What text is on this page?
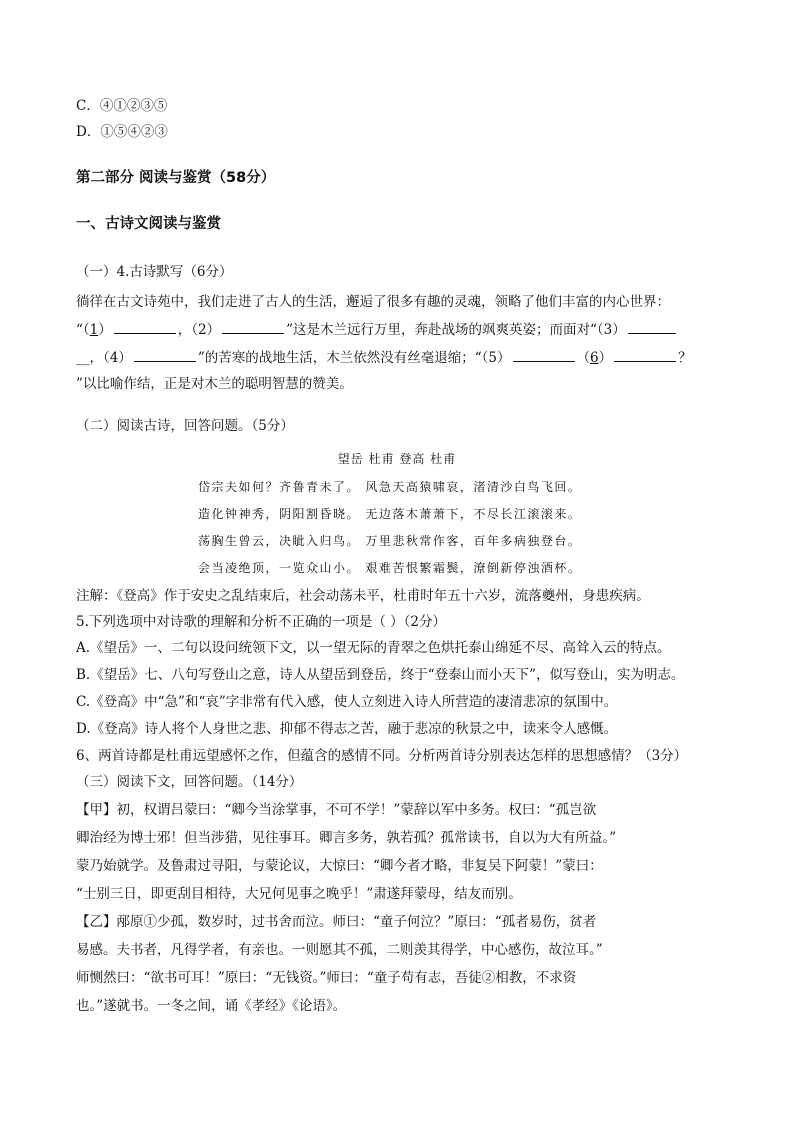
C．④①②③⑤
D．①⑤④②③
第二部分 阅读与鉴赏（58分）
一、古诗文阅读与鉴赏
（一）4.古诗默写（6分）
徜徉在古文诗苑中，我们走进了古人的生活，邂逅了很多有趣的灵魂，领略了他们丰富的内心世界：
“（1）	，（2）	”这是木兰远行万里，奔赴战场的飒爽英姿；而面对“（3）
__，（4）	”的苦寒的战地生活，木兰依然没有丝毫退缩；“（5）	（6）	？
”以比喻作结，正是对木兰的聪明智慧的赞美。
（二）阅读古诗，回答问题。（5分）
望岳 杜甫 登高 杜甫
岱宗夫如何？齐鲁青未了。 风急天高猿啸哀，渚清沙白鸟飞回。
造化钟神秀，阴阳割昏晓。 无边落木萧萧下，不尽长江滚滚来。
荡胸生曾云，决眦入归鸟。 万里悲秋常作客，百年多病独登台。
会当凌绝顶，一览众山小。 艰难苦恨繁霜鬓，潦倒新停浊酒杯。
注解：《登高》作于安史之乱结束后，社会动荡未平，杜甫时年五十六岁，流落夔州，身患疾病。
5.下列选项中对诗歌的理解和分析不正确的一项是（ ）（2分）
A.《望岳》一、二句以设问统领下文，以一望无际的青翠之色烘托泰山绵延不尽、高耸入云的特点。
B.《望岳》七、八句写登山之意，诗人从望岳到登岳，终于“登泰山而小天下”，似写登山，实为明志。
C.《登高》中“急”和“哀”字非常有代入感，使人立刻进入诗人所营造的凄清悲凉的氛围中。
D.《登高》诗人将个人身世之悲、抑郁不得志之苦，融于悲凉的秋景之中，读来令人感慨。
6、两首诗都是杜甫远望感怀之作，但蕴含的感情不同。分析两首诗分别表达怎样的思想感情？（3分）
（三）阅读下文，回答问题。（14分）
【甲】初，权谓吕蒙曰：“卿今当涂掌事，不可不学！”蒙辞以军中多务。权曰：“孤岂欲
卿治经为博士邪！但当涉猎，见往事耳。卿言多务，孰若孤？孤常读书，自以为大有所益。”
蒙乃始就学。及鲁肃过寻阳，与蒙论议，大惊曰：“卿今者才略，非复吴下阿蒙！”蒙曰：
“士别三日，即更刮目相待，大兄何见事之晚乎！”肃遂拜蒙母，结友而别。
【乙】邴原①少孤，数岁时，过书舍而泣。师曰：“童子何泣？”原曰：“孤者易伤，贫者
易感。夫书者，凡得学者，有亲也。一则愿其不孤，二则羡其得学，中心感伤，故泣耳。”
师恻然曰：“欲书可耳！”原曰：“无钱资。”师曰：“童子苟有志，吾徒②相教，不求资
也。”遂就书。一冬之间，诵《孝经》《论语》。
